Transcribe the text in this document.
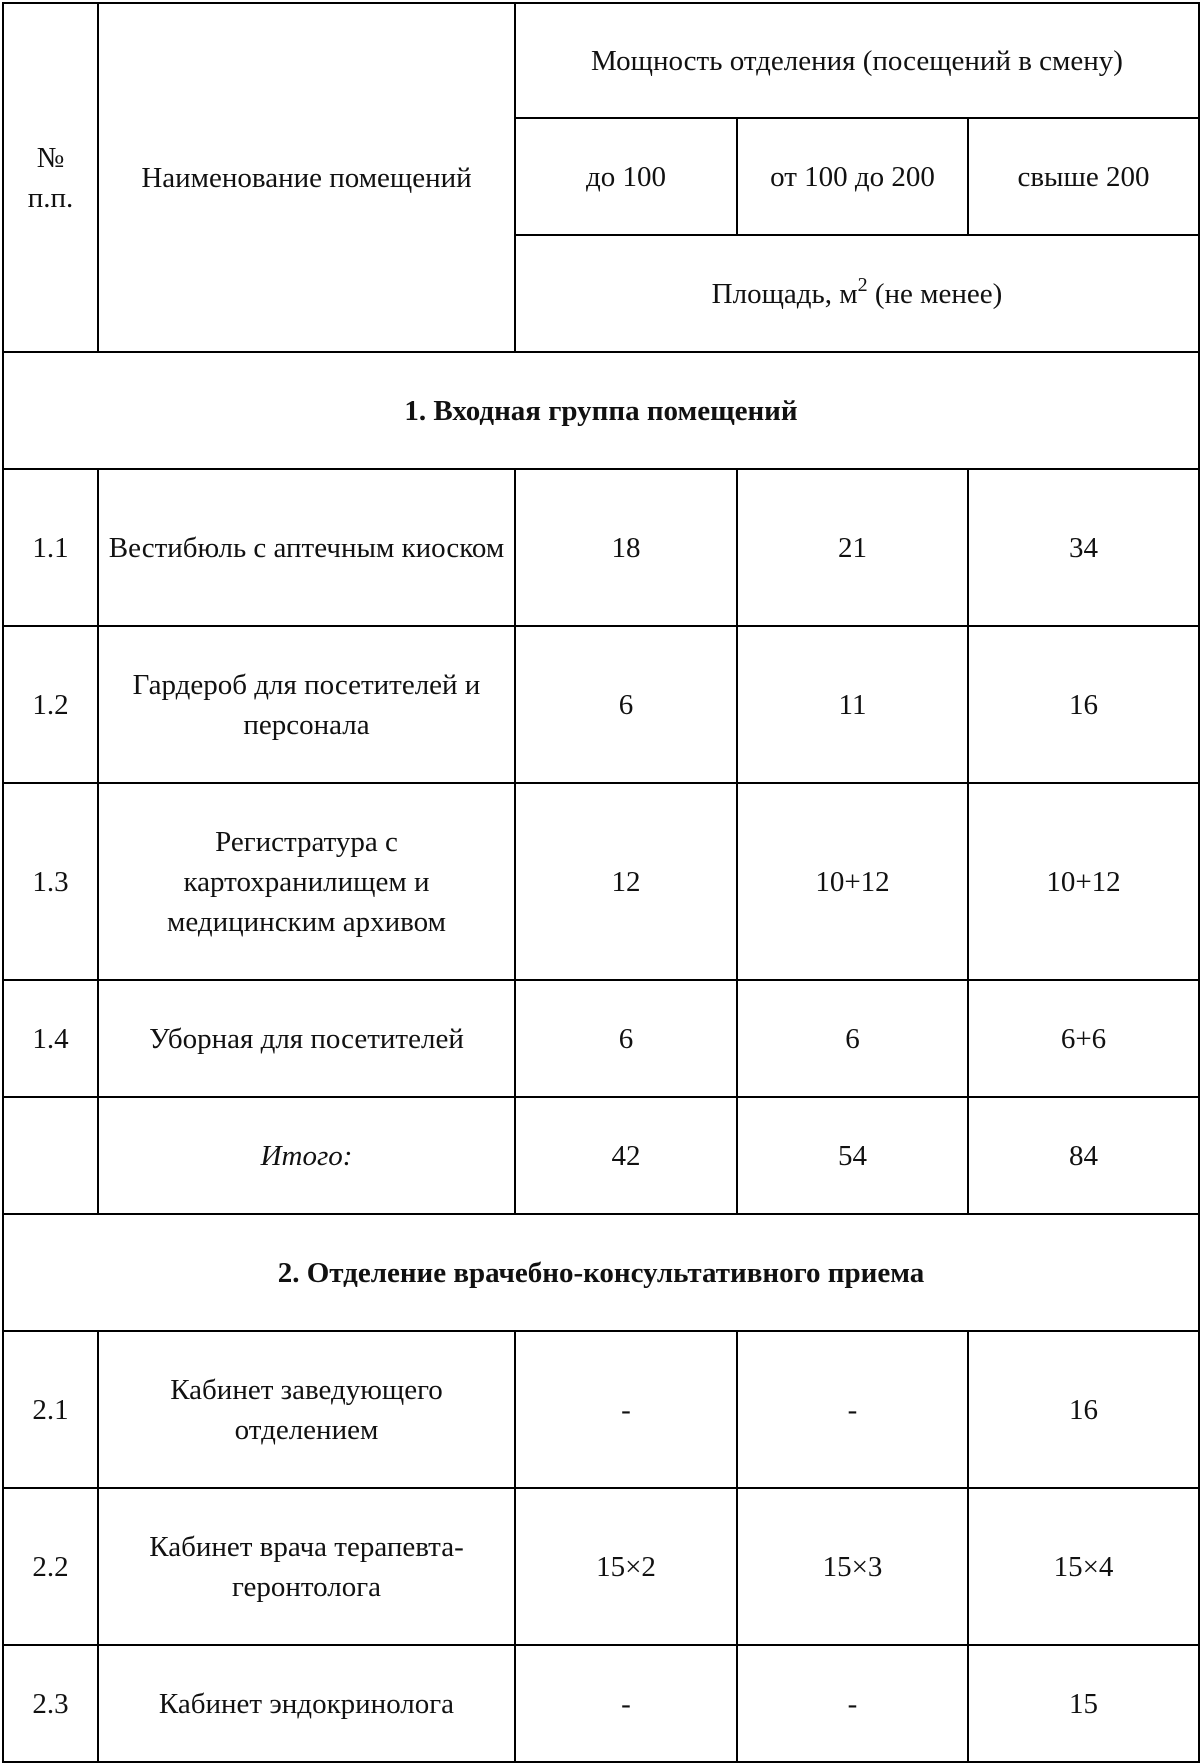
№ п.п.	Наименование помещений	Мощность отделения (посещений в смену)		
		до 100	от 100 до 200	свыше 200
		Площадь, $м^2$ (не менее)		
1. Входная группа помещений				
1.1	Вестибюль с аптечным киоском	18	21	34
1.2	Гардероб для посетителей и персонала	6	11	16
1.3	Регистратура с картохранилищем и медицинским архивом	12	10+12	10+12
1.4	Уборная для посетителей	6	6	6+6
	Итого:	42	54	84
2. Отделение врачебно-консультативного приема				
2.1	Кабинет заведующего отделением	-	-	16
2.2	Кабинет врача терапевта-геронтолога	15×2	15×3	15×4
2.3	Кабинет эндокринолога	-	-	15
